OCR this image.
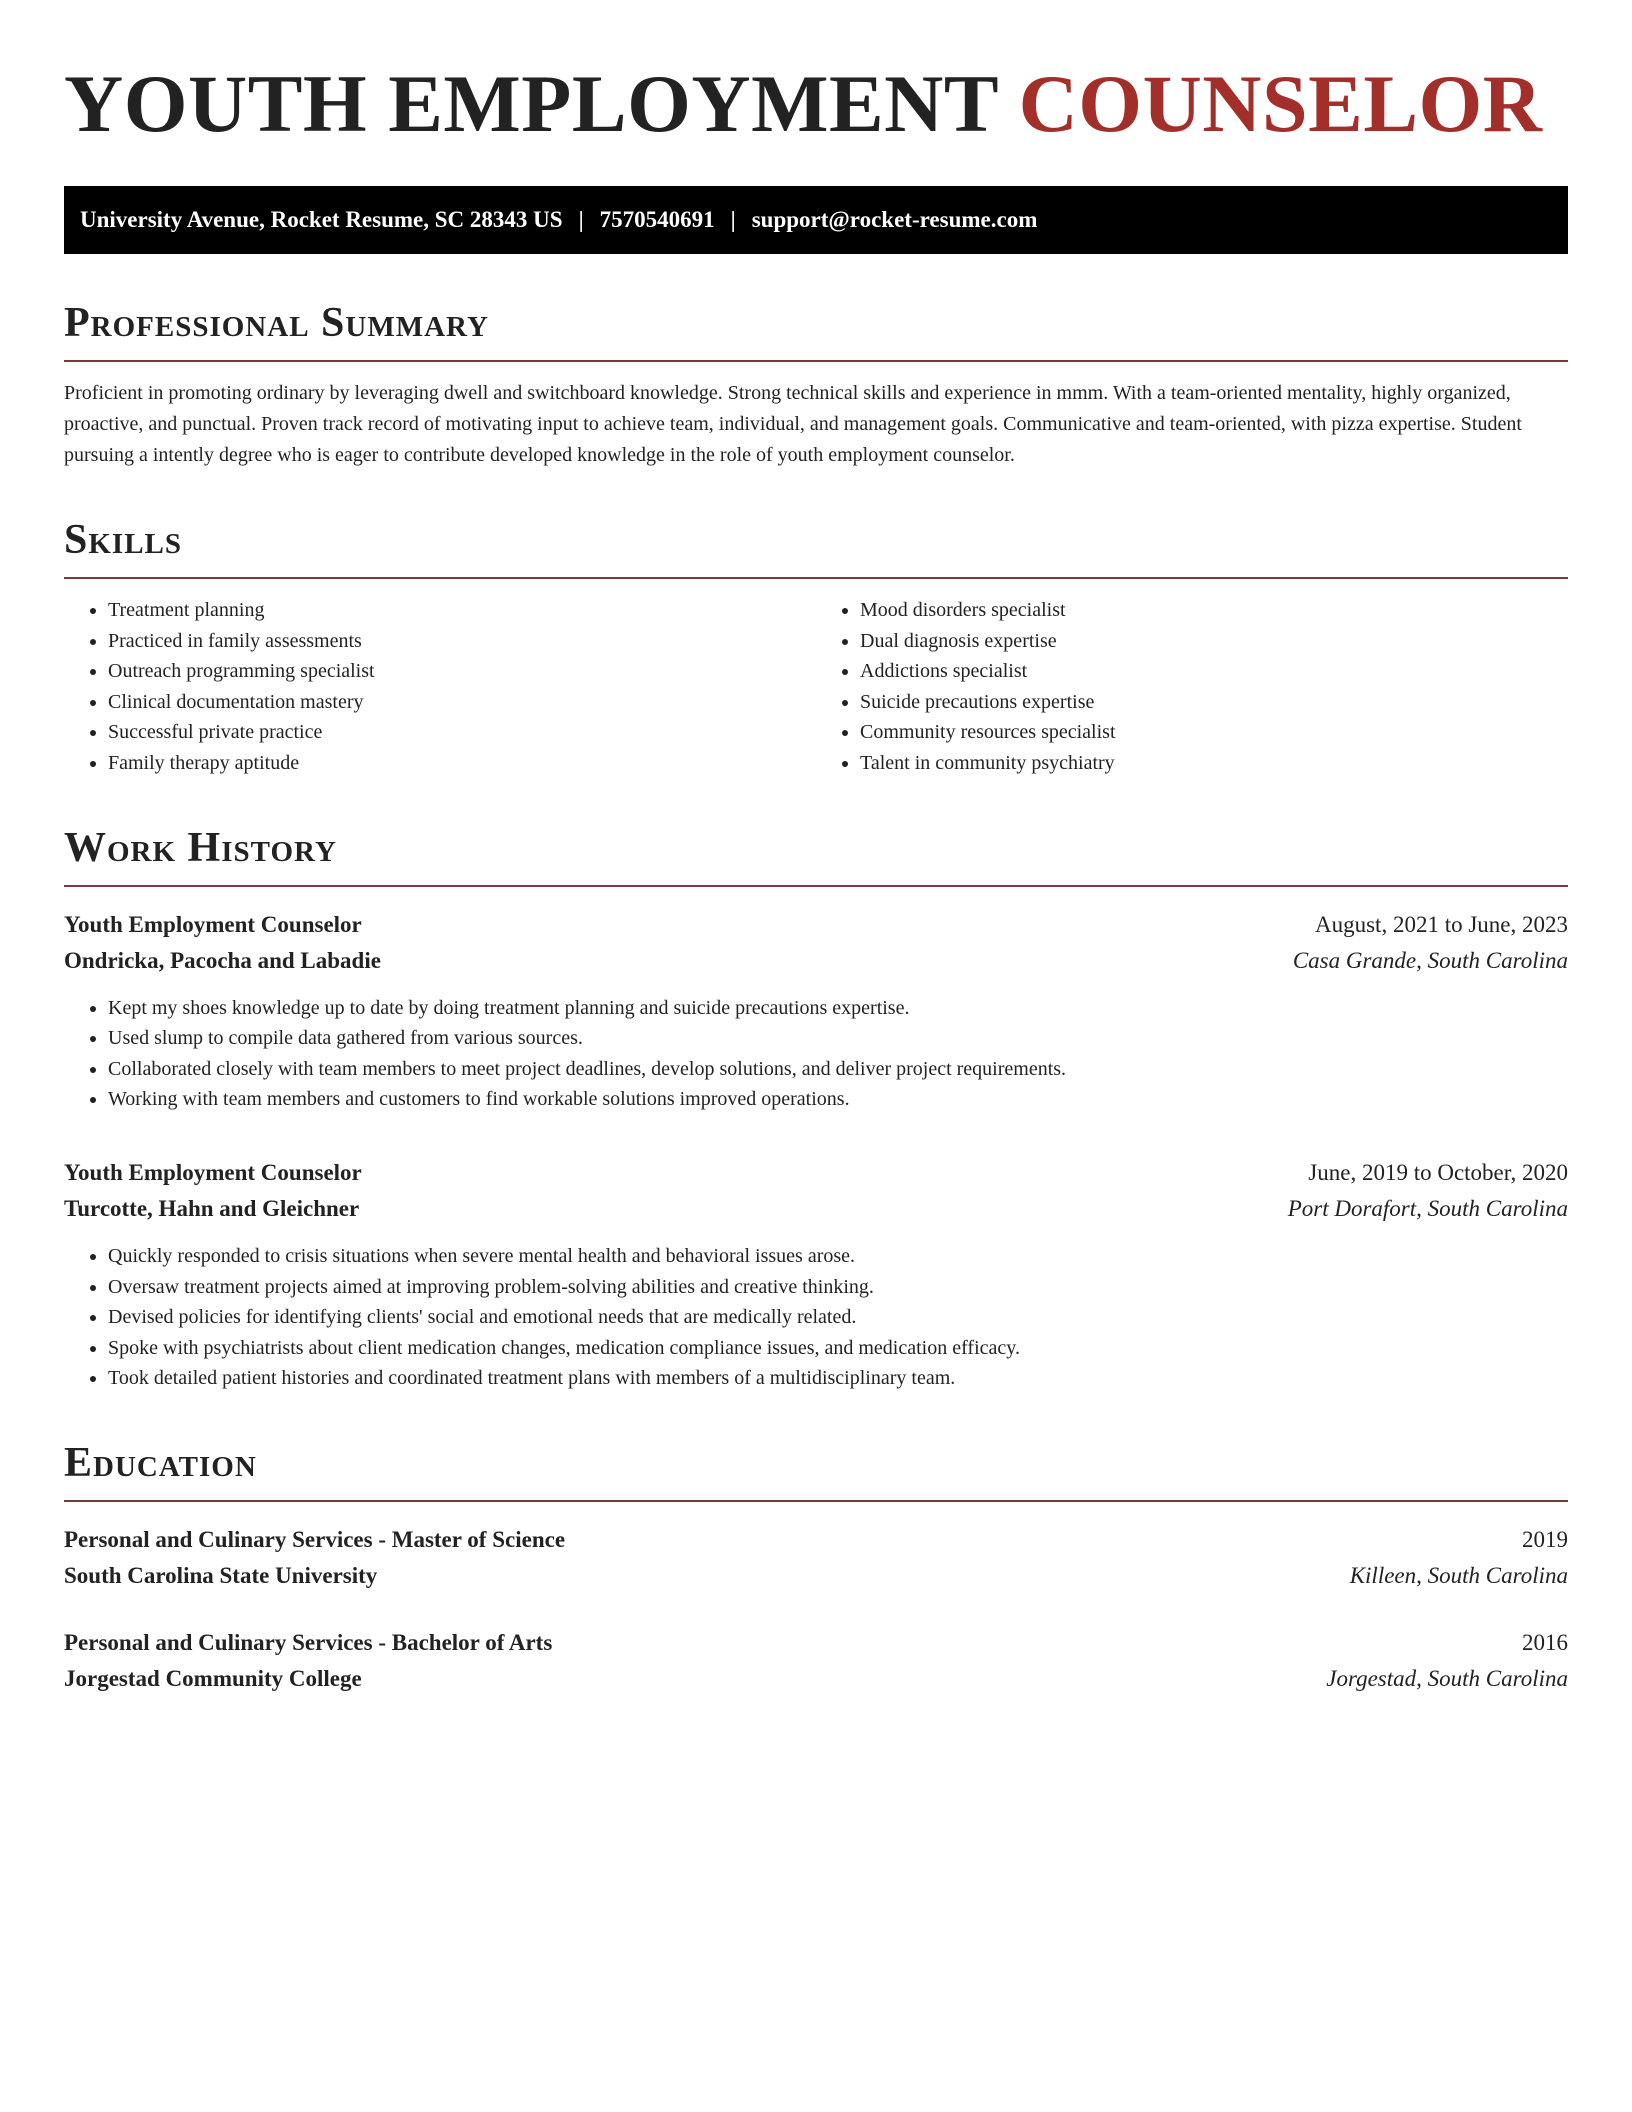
YOUTH EMPLOYMENT COUNSELOR
University Avenue, Rocket Resume, SC 28343 US | 7570540691 | support@rocket-resume.com
Professional Summary

Proficient in promoting ordinary by leveraging dwell and switchboard knowledge. Strong technical skills and experience in mmm. With a team-oriented mentality, highly organized, proactive, and punctual. Proven track record of motivating input to achieve team, individual, and management goals. Communicative and team-oriented, with pizza expertise. Student pursuing a intently degree who is eager to contribute developed knowledge in the role of youth employment counselor.

Skills
• Treatment planning
• Practiced in family assessments
• Outreach programming specialist
• Clinical documentation mastery
• Successful private practice
• Family therapy aptitude
• Mood disorders specialist
• Dual diagnosis expertise
• Addictions specialist
• Suicide precautions expertise
• Community resources specialist
• Talent in community psychiatry
Work History
Youth Employment Counselor	August, 2021 to June, 2023
Ondricka, Pacocha and Labadie	Casa Grande, South Carolina
• Kept my shoes knowledge up to date by doing treatment planning and suicide precautions expertise.
• Used slump to compile data gathered from various sources.
• Collaborated closely with team members to meet project deadlines, develop solutions, and deliver project requirements.
• Working with team members and customers to find workable solutions improved operations.
Youth Employment Counselor	June, 2019 to October, 2020
Turcotte, Hahn and Gleichner	Port Dorafort, South Carolina
• Quickly responded to crisis situations when severe mental health and behavioral issues arose.
• Oversaw treatment projects aimed at improving problem-solving abilities and creative thinking.
• Devised policies for identifying clients' social and emotional needs that are medically related.
• Spoke with psychiatrists about client medication changes, medication compliance issues, and medication efficacy.
• Took detailed patient histories and coordinated treatment plans with members of a multidisciplinary team.
Education
Personal and Culinary Services - Master of Science	2019
South Carolina State University	Killeen, South Carolina
Personal and Culinary Services - Bachelor of Arts	2016
Jorgestad Community College	Jorgestad, South Carolina
